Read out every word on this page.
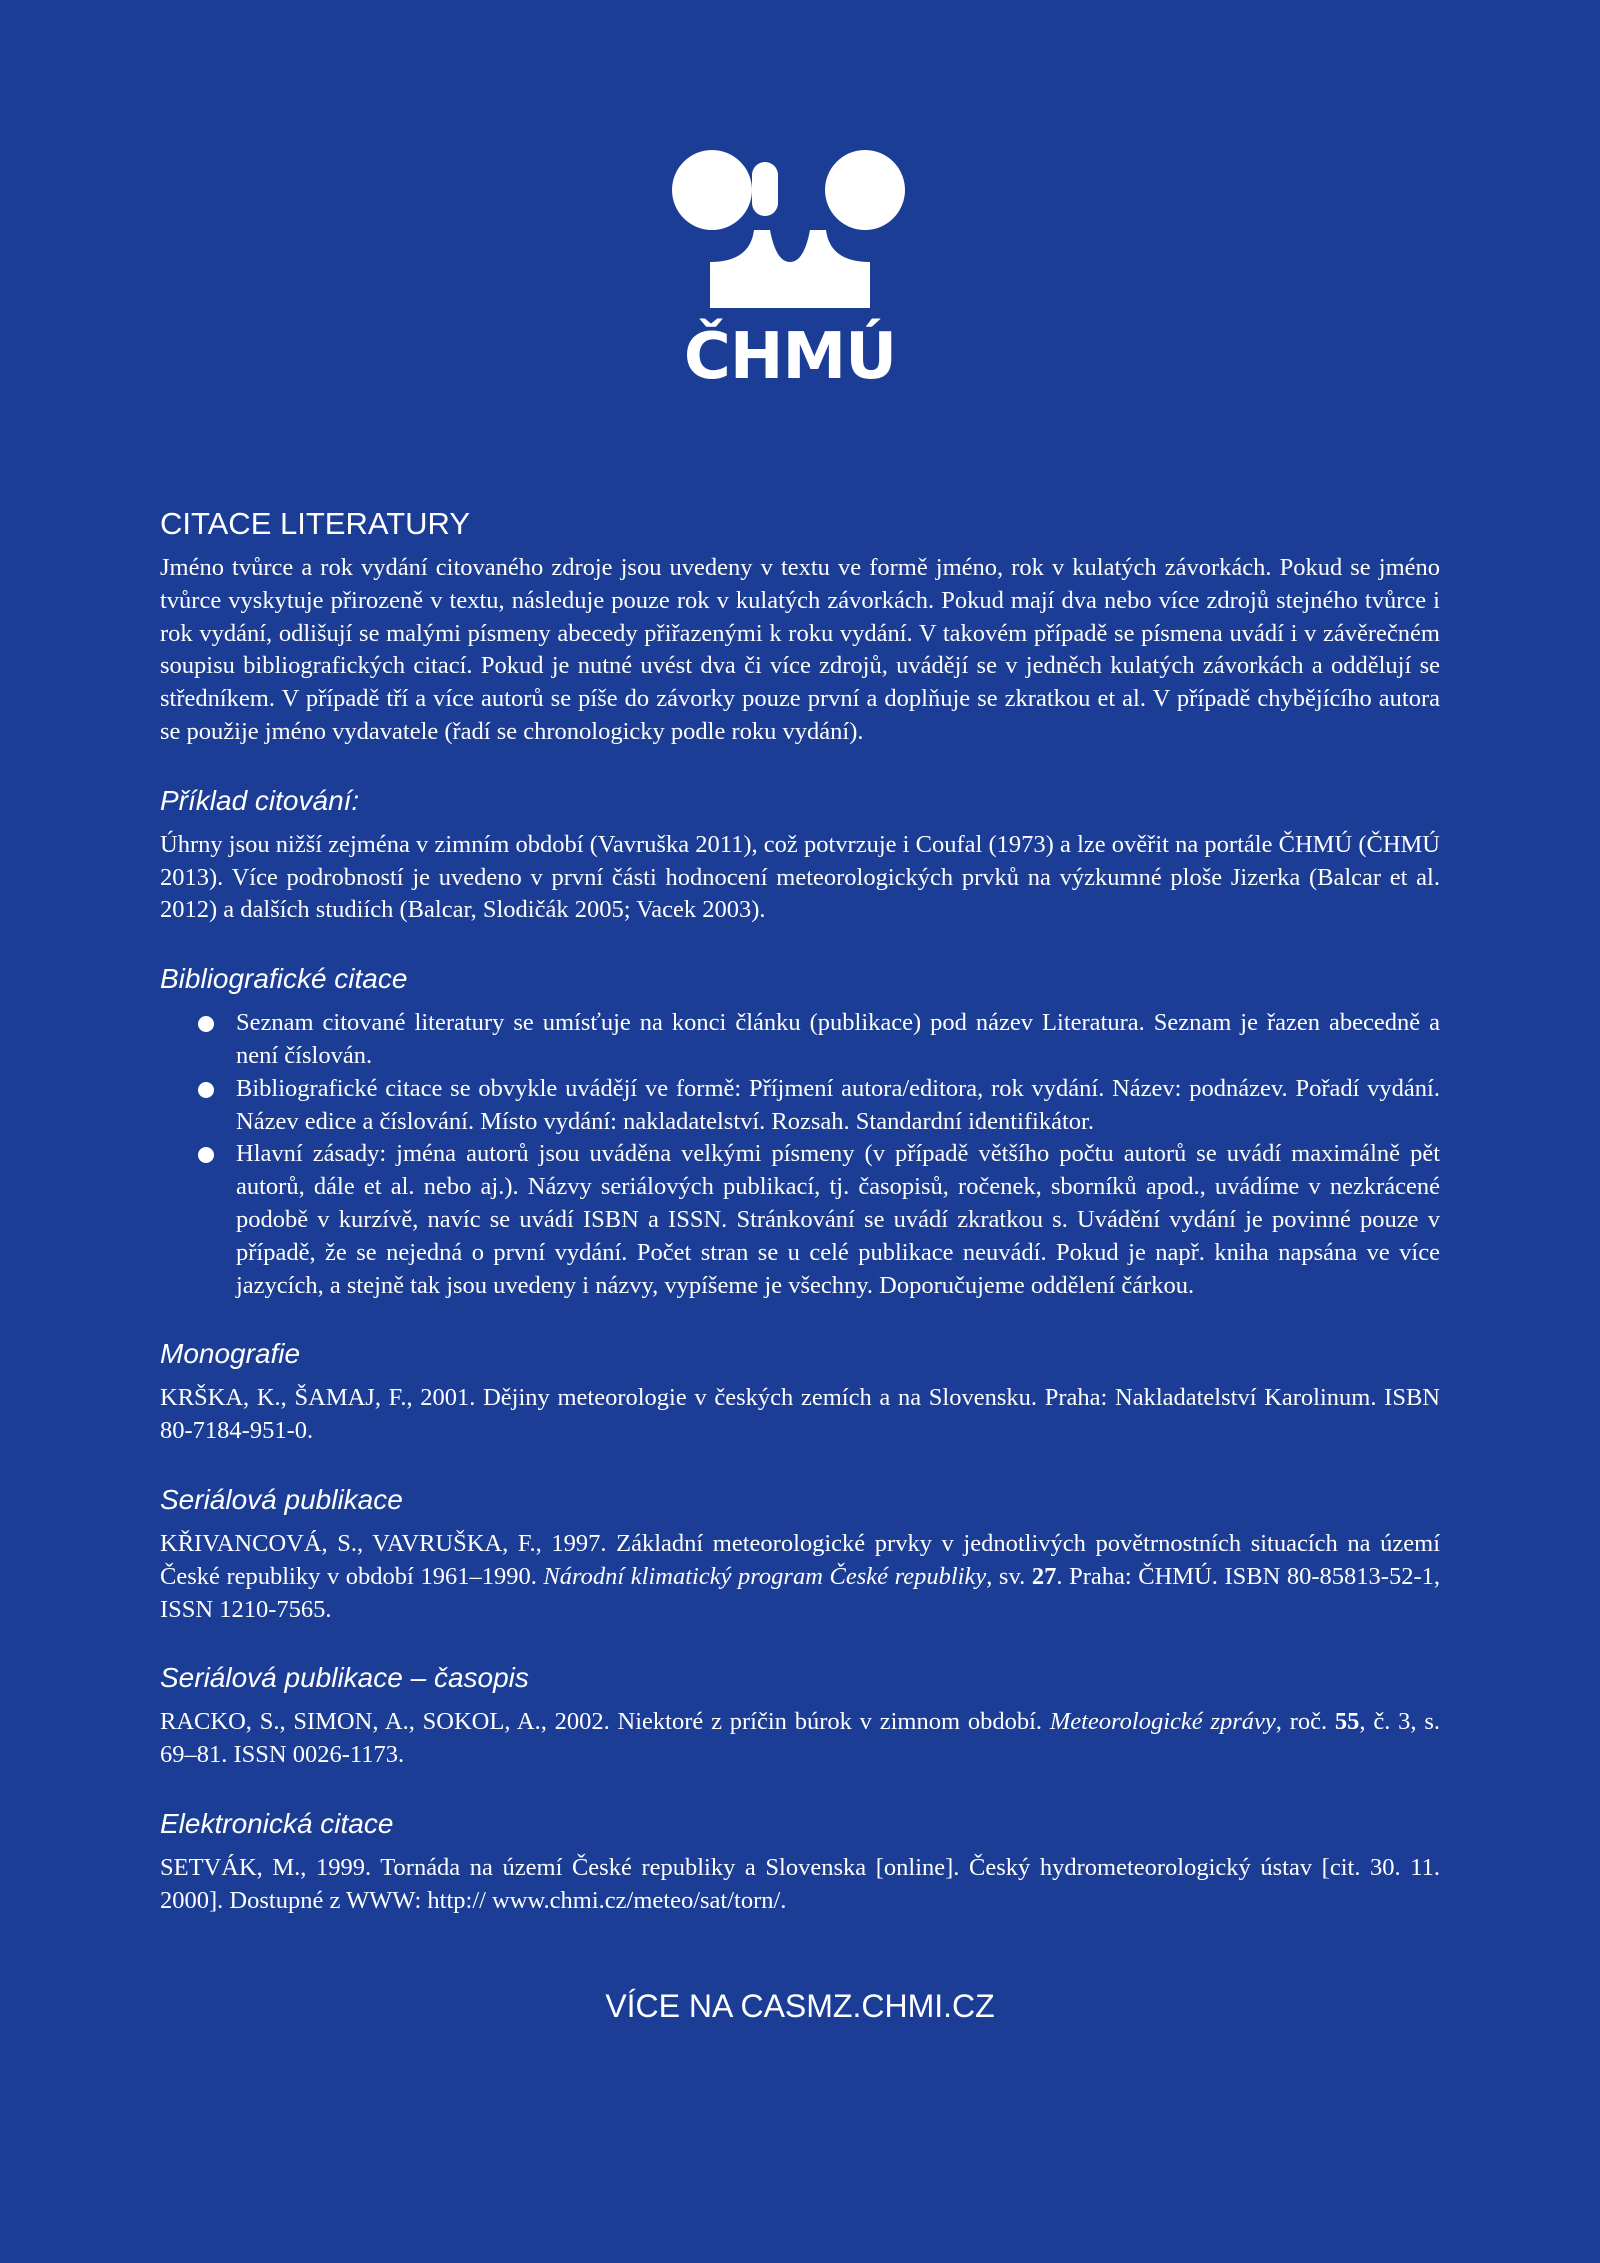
ČHMÚ
CITACE LITERATURY

Jméno tvůrce a rok vydání citovaného zdroje jsou uvedeny v textu ve formě jméno, rok v kulatých závorkách. Pokud se jméno tvůrce vyskytuje přirozeně v textu, následuje pouze rok v kulatých závorkách. Pokud mají dva nebo více zdrojů stejného tvůrce i rok vydání, odlišují se malými písmeny abecedy přiřazenými k roku vydání. V takovém případě se písmena uvádí i v závěrečném soupisu bibliografických citací. Pokud je nutné uvést dva či více zdrojů, uvádějí se v jedněch kulatých závorkách a oddělují se středníkem. V případě tří a více autorů se píše do závorky pouze první a doplňuje se zkratkou et al. V případě chybějícího autora se použije jméno vydavatele (řadí se chronologicky podle roku vydání).

Příklad citování:

Úhrny jsou nižší zejména v zimním období (Vavruška 2011), což potvrzuje i Coufal (1973) a lze ověřit na portále ČHMÚ (ČHMÚ 2013). Více podrobností je uvedeno v první části hodnocení meteorologických prvků na výzkumné ploše Jizerka (Balcar et al. 2012) a dalších studiích (Balcar, Slodičák 2005; Vacek 2003).

Bibliografické citace

Seznam citované literatury se umísťuje na konci článku (publikace) pod název Literatura. Seznam je řazen abecedně a není číslován.

Bibliografické citace se obvykle uvádějí ve formě: Příjmení autora/editora, rok vydání. Název: podnázev. Pořadí vydání. Název edice a číslování. Místo vydání: nakladatelství. Rozsah. Standardní identifikátor.

Hlavní zásady: jména autorů jsou uváděna velkými písmeny (v případě většího počtu autorů se uvádí maximálně pět autorů, dále et al. nebo aj.). Názvy seriálových publikací, tj. časopisů, ročenek, sborníků apod., uvádíme v nezkrácené podobě v kurzívě, navíc se uvádí ISBN a ISSN. Stránkování se uvádí zkratkou s. Uvádění vydání je povinné pouze v případě, že se nejedná o první vydání. Počet stran se u celé publikace neuvádí. Pokud je např. kniha napsána ve více jazycích, a stejně tak jsou uvedeny i názvy, vypíšeme je všechny. Doporučujeme oddělení čárkou.

Monografie

KRŠKA, K., ŠAMAJ, F., 2001. Dějiny meteorologie v českých zemích a na Slovensku. Praha: Nakladatelství Karolinum. ISBN 80-7184-951-0.

Seriálová publikace

KŘIVANCOVÁ, S., VAVRUŠKA, F., 1997. Základní meteorologické prvky v jednotlivých povětrnostních situacích na území České republiky v období 1961–1990. Národní klimatický program České republiky, sv. 27. Praha: ČHMÚ. ISBN 80-85813-52-1, ISSN 1210-7565.

Seriálová publikace – časopis

RACKO, S., SIMON, A., SOKOL, A., 2002. Niektoré z príčin búrok v zimnom období. Meteorologické zprávy, roč. 55, č. 3, s. 69–81. ISSN 0026-1173.

Elektronická citace

SETVÁK, M., 1999. Tornáda na území České republiky a Slovenska [online]. Český hydrometeorologický ústav [cit. 30. 11. 2000]. Dostupné z WWW: http:// www.chmi.cz/meteo/sat/torn/.

VÍCE NA CASMZ.CHMI.CZ
